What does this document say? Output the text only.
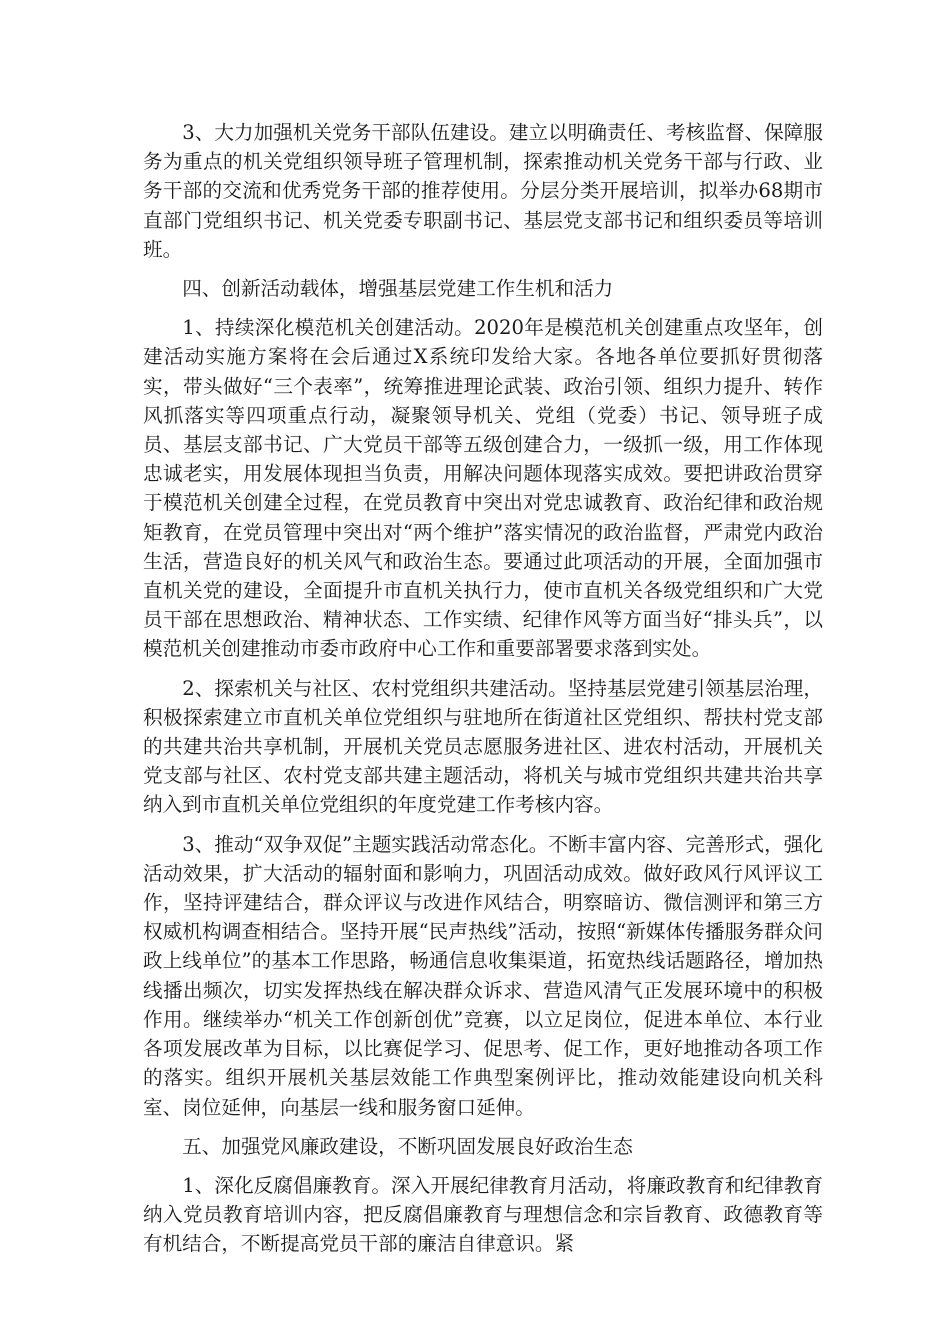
3、大力加强机关党务干部队伍建设。建立以明确责任、考核监督、保障服务为重点的机关党组织领导班子管理机制，探索推动机关党务干部与行政、业务干部的交流和优秀党务干部的推荐使用。分层分类开展培训，拟举办68期市直部门党组织书记、机关党委专职副书记、基层党支部书记和组织委员等培训班。

四、创新活动载体，增强基层党建工作生机和活力

1、持续深化模范机关创建活动。2020年是模范机关创建重点攻坚年，创建活动实施方案将在会后通过X系统印发给大家。各地各单位要抓好贯彻落实，带头做好“三个表率”，统筹推进理论武装、政治引领、组织力提升、转作风抓落实等四项重点行动，凝聚领导机关、党组（党委）书记、领导班子成员、基层支部书记、广大党员干部等五级创建合力，一级抓一级，用工作体现忠诚老实，用发展体现担当负责，用解决问题体现落实成效。要把讲政治贯穿于模范机关创建全过程，在党员教育中突出对党忠诚教育、政治纪律和政治规矩教育，在党员管理中突出对“两个维护”落实情况的政治监督，严肃党内政治生活，营造良好的机关风气和政治生态。要通过此项活动的开展，全面加强市直机关党的建设，全面提升市直机关执行力，使市直机关各级党组织和广大党员干部在思想政治、精神状态、工作实绩、纪律作风等方面当好“排头兵”，以模范机关创建推动市委市政府中心工作和重要部署要求落到实处。

2、探索机关与社区、农村党组织共建活动。坚持基层党建引领基层治理，积极探索建立市直机关单位党组织与驻地所在街道社区党组织、帮扶村党支部的共建共治共享机制，开展机关党员志愿服务进社区、进农村活动，开展机关党支部与社区、农村党支部共建主题活动，将机关与城市党组织共建共治共享纳入到市直机关单位党组织的年度党建工作考核内容。

3、推动“双争双促”主题实践活动常态化。不断丰富内容、完善形式，强化活动效果，扩大活动的辐射面和影响力，巩固活动成效。做好政风行风评议工作，坚持评建结合，群众评议与改进作风结合，明察暗访、微信测评和第三方权威机构调查相结合。坚持开展“民声热线”活动，按照“新媒体传播服务群众问政上线单位”的基本工作思路，畅通信息收集渠道，拓宽热线话题路径，增加热线播出频次，切实发挥热线在解决群众诉求、营造风清气正发展环境中的积极作用。继续举办“机关工作创新创优”竞赛，以立足岗位，促进本单位、本行业各项发展改革为目标，以比赛促学习、促思考、促工作，更好地推动各项工作的落实。组织开展机关基层效能工作典型案例评比，推动效能建设向机关科室、岗位延伸，向基层一线和服务窗口延伸。

五、加强党风廉政建设，不断巩固发展良好政治生态

1、深化反腐倡廉教育。深入开展纪律教育月活动，将廉政教育和纪律教育纳入党员教育培训内容，把反腐倡廉教育与理想信念和宗旨教育、政德教育等有机结合，不断提高党员干部的廉洁自律意识。紧
